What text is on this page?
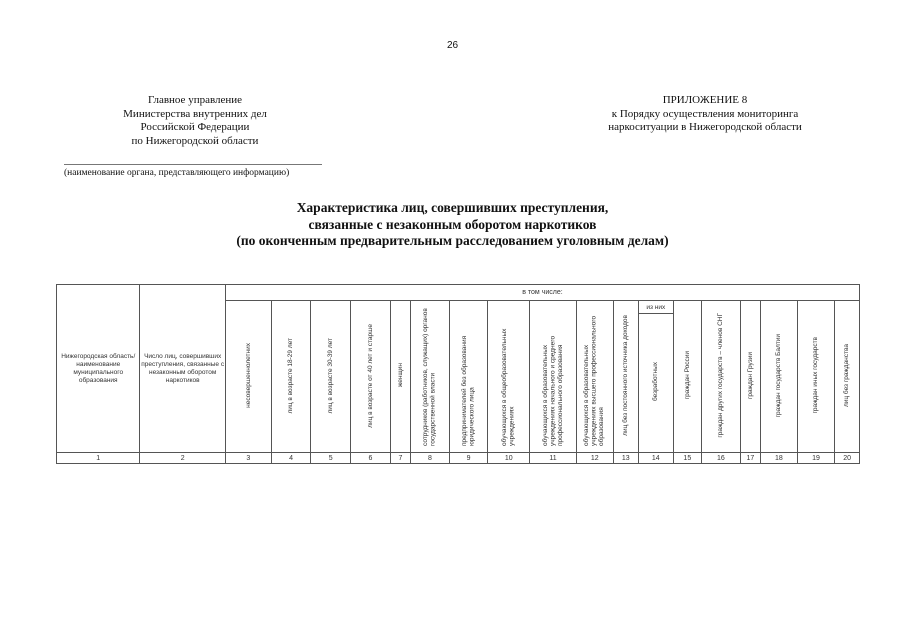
26
Главное управление
Министерства внутренних дел
Российской Федерации
по Нижегородской области
ПРИЛОЖЕНИЕ 8
к Порядку осуществления мониторинга
наркоситуации в Нижегородской области
(наименование органа, представляющего информацию)
Характеристика лиц, совершивших преступления,
связанные с незаконным оборотом наркотиков
(по оконченным предварительным расследованием уголовным делам)
Нижегородская область/ наименование муниципального образования	Число лиц, совершивших преступления, связанные с незаконным оборотом наркотиков	в том числе:																	
		несовершеннолетних	лиц в возрасте 18-29 лет	лиц в возрасте 30-39 лет	лиц в возрасте от 40 лет и старше	женщин	сотрудников (работников, служащих) органов государственной власти	предпринимателей без образования юридического лица	обучающихся в общеобразовательных учреждениях	обучающихся в образовательных учреждениях начального и среднего профессионального образования	обучающихся в образовательных учреждениях высшего профессионального образования	лиц без постоянного источника доходов	из них	граждан России	граждан других государств – членов СНГ	граждан Грузии	граждан государств Балтии	граждан иных государств	лиц без гражданства
													безработных						
1	2	3	4	5	6	7	8	9	10	11	12	13	14	15	16	17	18	19	20
